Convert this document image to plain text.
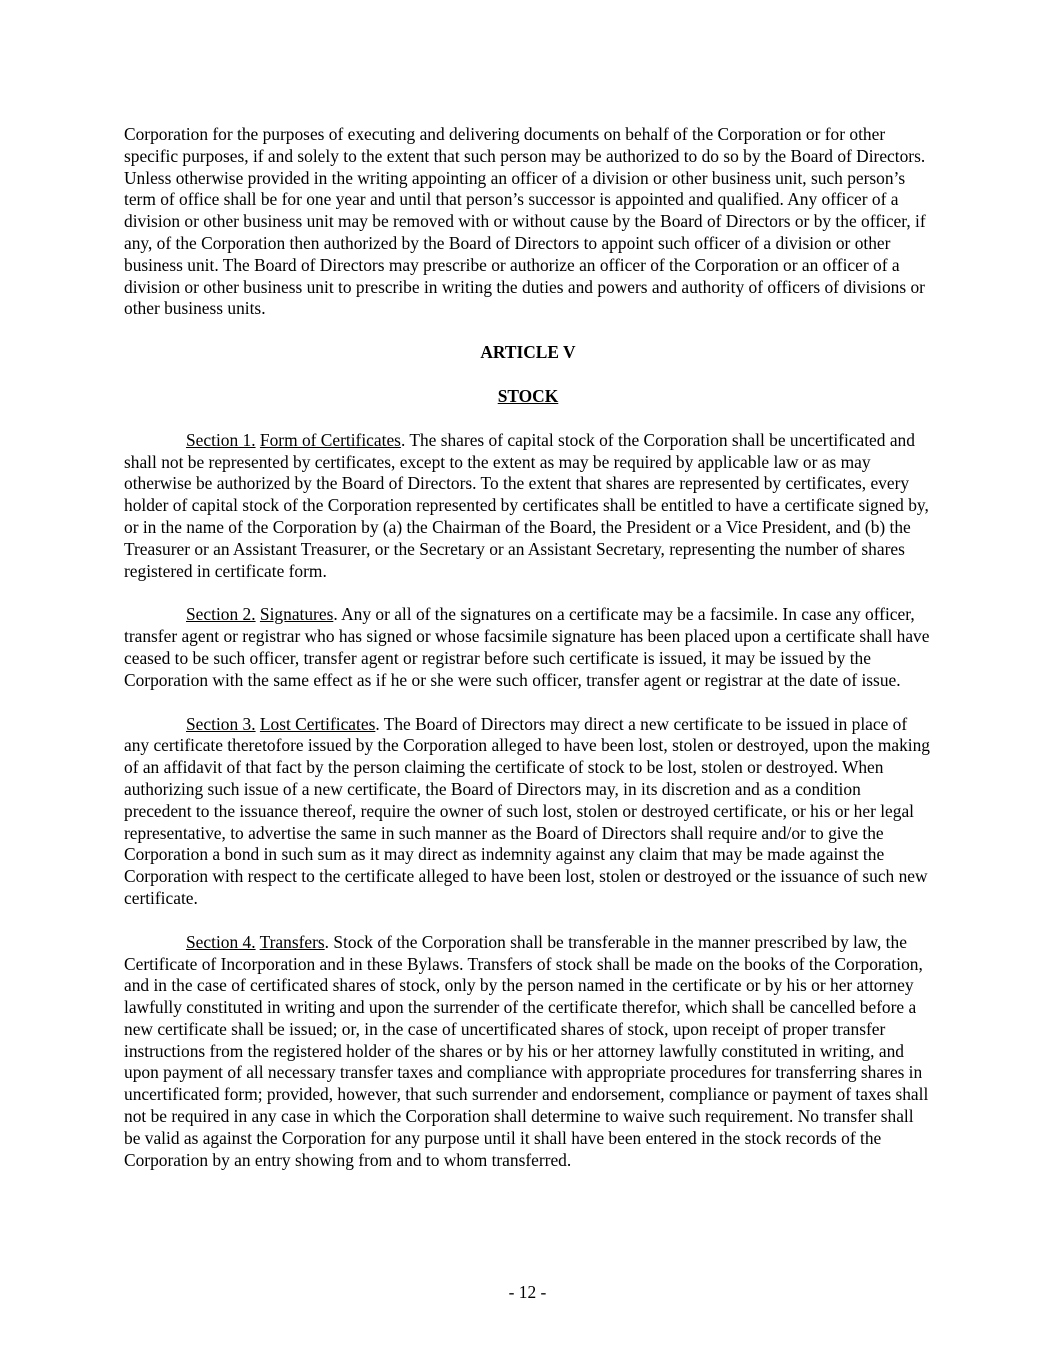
Corporation for the purposes of executing and delivering documents on behalf of the Corporation or for other specific purposes, if and solely to the extent that such person may be authorized to do so by the Board of Directors. Unless otherwise provided in the writing appointing an officer of a division or other business unit, such person’s term of office shall be for one year and until that person’s successor is appointed and qualified. Any officer of a division or other business unit may be removed with or without cause by the Board of Directors or by the officer, if any, of the Corporation then authorized by the Board of Directors to appoint such officer of a division or other business unit. The Board of Directors may prescribe or authorize an officer of the Corporation or an officer of a division or other business unit to prescribe in writing the duties and powers and authority of officers of divisions or other business units.

ARTICLE V

STOCK

Section 1. Form of Certificates. The shares of capital stock of the Corporation shall be uncertificated and shall not be represented by certificates, except to the extent as may be required by applicable law or as may otherwise be authorized by the Board of Directors. To the extent that shares are represented by certificates, every holder of capital stock of the Corporation represented by certificates shall be entitled to have a certificate signed by, or in the name of the Corporation by (a) the Chairman of the Board, the President or a Vice President, and (b) the Treasurer or an Assistant Treasurer, or the Secretary or an Assistant Secretary, representing the number of shares registered in certificate form.

Section 2. Signatures. Any or all of the signatures on a certificate may be a facsimile. In case any officer, transfer agent or registrar who has signed or whose facsimile signature has been placed upon a certificate shall have ceased to be such officer, transfer agent or registrar before such certificate is issued, it may be issued by the Corporation with the same effect as if he or she were such officer, transfer agent or registrar at the date of issue.

Section 3. Lost Certificates. The Board of Directors may direct a new certificate to be issued in place of any certificate theretofore issued by the Corporation alleged to have been lost, stolen or destroyed, upon the making of an affidavit of that fact by the person claiming the certificate of stock to be lost, stolen or destroyed. When authorizing such issue of a new certificate, the Board of Directors may, in its discretion and as a condition precedent to the issuance thereof, require the owner of such lost, stolen or destroyed certificate, or his or her legal representative, to advertise the same in such manner as the Board of Directors shall require and/or to give the Corporation a bond in such sum as it may direct as indemnity against any claim that may be made against the Corporation with respect to the certificate alleged to have been lost, stolen or destroyed or the issuance of such new certificate.

Section 4. Transfers. Stock of the Corporation shall be transferable in the manner prescribed by law, the Certificate of Incorporation and in these Bylaws. Transfers of stock shall be made on the books of the Corporation, and in the case of certificated shares of stock, only by the person named in the certificate or by his or her attorney lawfully constituted in writing and upon the surrender of the certificate therefor, which shall be cancelled before a new certificate shall be issued; or, in the case of uncertificated shares of stock, upon receipt of proper transfer instructions from the registered holder of the shares or by his or her attorney lawfully constituted in writing, and upon payment of all necessary transfer taxes and compliance with appropriate procedures for transferring shares in uncertificated form; provided, however, that such surrender and endorsement, compliance or payment of taxes shall not be required in any case in which the Corporation shall determine to waive such requirement. No transfer shall be valid as against the Corporation for any purpose until it shall have been entered in the stock records of the Corporation by an entry showing from and to whom transferred.

- 12 -
